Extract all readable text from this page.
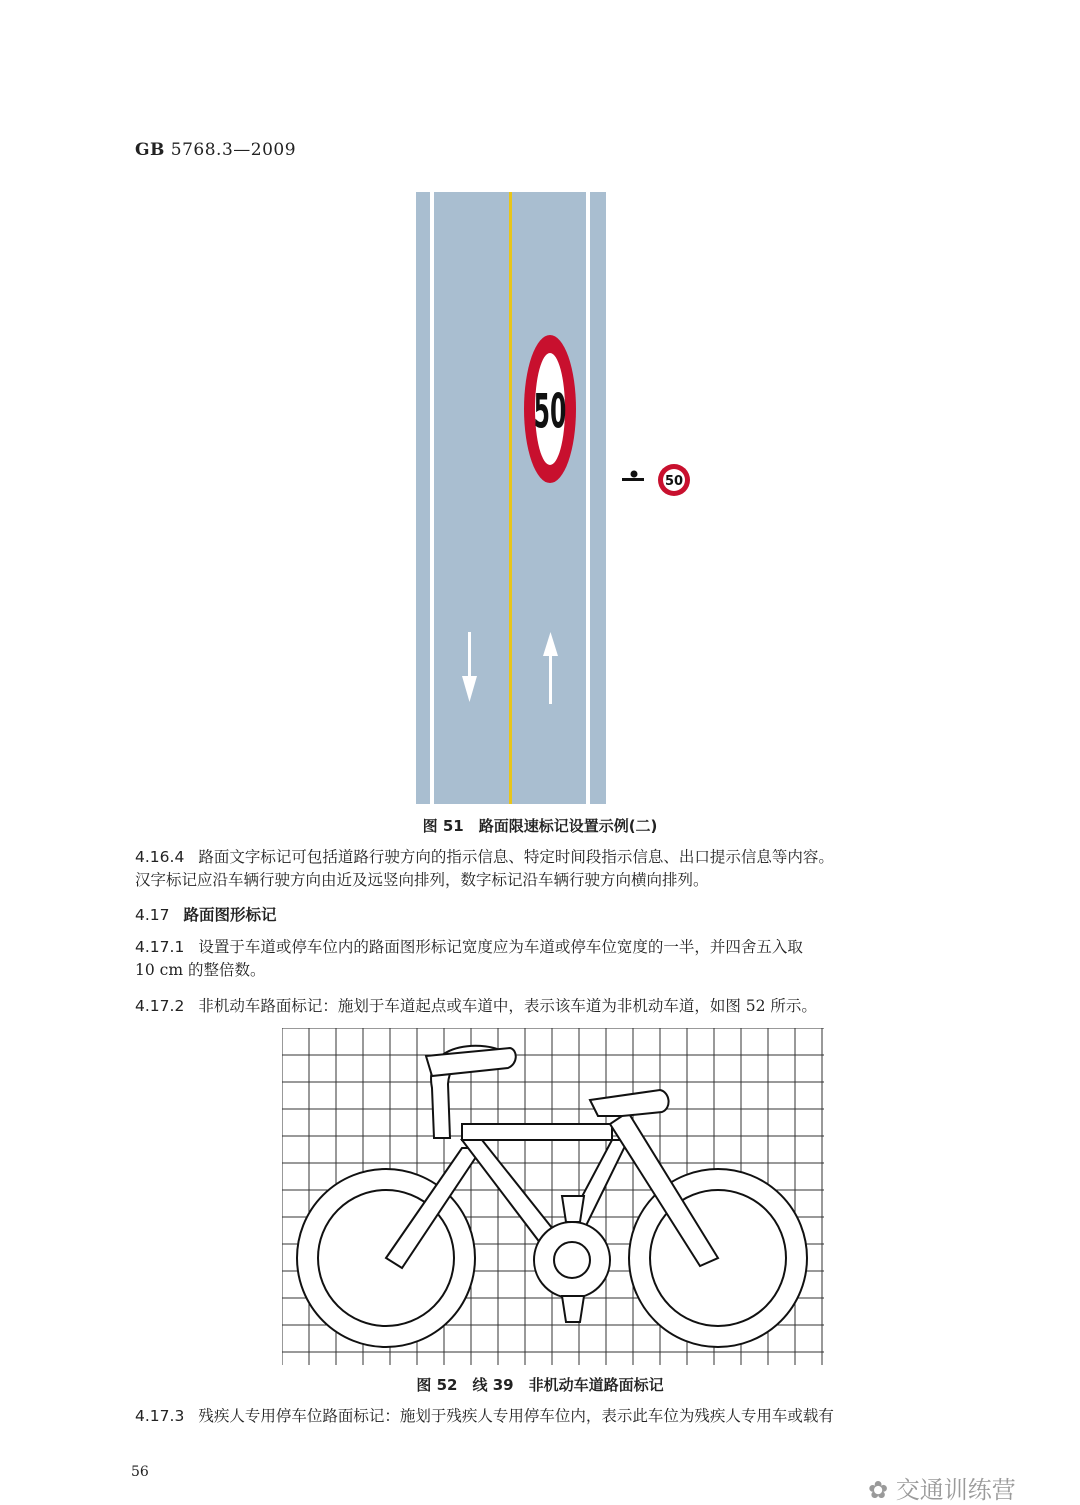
GB 5768.3—2009
50
50
图 51　路面限速标记设置示例(二)
4.16.4 路面文字标记可包括道路行驶方向的指示信息、特定时间段指示信息、出口提示信息等内容。
汉字标记应沿车辆行驶方向由近及远竖向排列，数字标记沿车辆行驶方向横向排列。
4.17 路面图形标记
4.17.1 设置于车道或停车位内的路面图形标记宽度应为车道或停车位宽度的一半，并四舍五入取
10 cm 的整倍数。
4.17.2 非机动车路面标记：施划于车道起点或车道中，表示该车道为非机动车道，如图 52 所示。
图 52　线 39　非机动车道路面标记
4.17.3 残疾人专用停车位路面标记：施划于残疾人专用停车位内，表示此车位为残疾人专用车或载有
56
✿ 交通训练营
